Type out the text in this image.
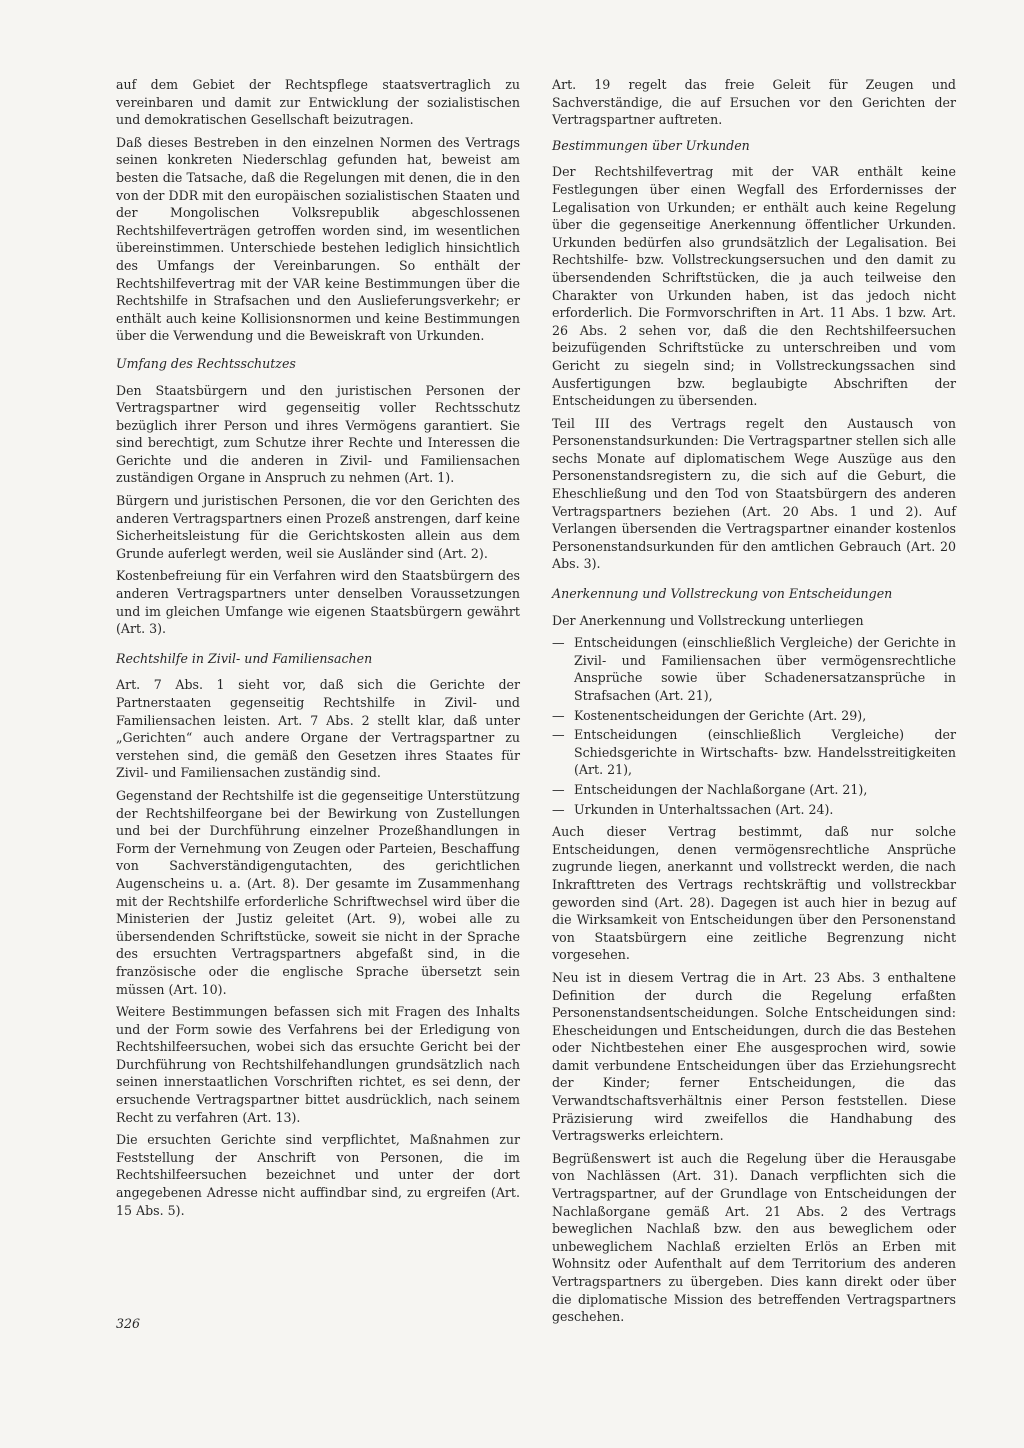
auf dem Gebiet der Rechtspflege staatsvertraglich zu vereinbaren und damit zur Entwicklung der sozialistischen und demokratischen Gesellschaft beizutragen.

Daß dieses Bestreben in den einzelnen Normen des Vertrags seinen konkreten Niederschlag gefunden hat, beweist am besten die Tatsache, daß die Regelungen mit denen, die in den von der DDR mit den europäischen sozialistischen Staaten und der Mongolischen Volksrepublik abgeschlossenen Rechtshilfeverträgen getroffen worden sind, im wesentlichen übereinstimmen. Unterschiede bestehen lediglich hinsichtlich des Umfangs der Vereinbarungen. So enthält der Rechtshilfevertrag mit der VAR keine Bestimmungen über die Rechtshilfe in Strafsachen und den Auslieferungsverkehr; er enthält auch keine Kollisionsnormen und keine Bestimmungen über die Verwendung und die Beweiskraft von Urkunden.

Umfang des Rechtsschutzes

Den Staatsbürgern und den juristischen Personen der Vertragspartner wird gegenseitig voller Rechtsschutz bezüglich ihrer Person und ihres Vermögens garantiert. Sie sind berechtigt, zum Schutze ihrer Rechte und Interessen die Gerichte und die anderen in Zivil- und Familiensachen zuständigen Organe in Anspruch zu nehmen (Art. 1).

Bürgern und juristischen Personen, die vor den Gerichten des anderen Vertragspartners einen Prozeß anstrengen, darf keine Sicherheitsleistung für die Gerichtskosten allein aus dem Grunde auferlegt werden, weil sie Ausländer sind (Art. 2).

Kostenbefreiung für ein Verfahren wird den Staatsbürgern des anderen Vertragspartners unter denselben Voraussetzungen und im gleichen Umfange wie eigenen Staatsbürgern gewährt (Art. 3).

Rechtshilfe in Zivil- und Familiensachen

Art. 7 Abs. 1 sieht vor, daß sich die Gerichte der Partnerstaaten gegenseitig Rechtshilfe in Zivil- und Familiensachen leisten. Art. 7 Abs. 2 stellt klar, daß unter „Gerichten“ auch andere Organe der Vertragspartner zu verstehen sind, die gemäß den Gesetzen ihres Staates für Zivil- und Familiensachen zuständig sind.

Gegenstand der Rechtshilfe ist die gegenseitige Unterstützung der Rechtshilfeorgane bei der Bewirkung von Zustellungen und bei der Durchführung einzelner Prozeßhandlungen in Form der Vernehmung von Zeugen oder Parteien, Beschaffung von Sachverständigengutachten, des gerichtlichen Augenscheins u. a. (Art. 8). Der gesamte im Zusammenhang mit der Rechtshilfe erforderliche Schriftwechsel wird über die Ministerien der Justiz geleitet (Art. 9), wobei alle zu übersendenden Schriftstücke, soweit sie nicht in der Sprache des ersuchten Vertragspartners abgefaßt sind, in die französische oder die englische Sprache übersetzt sein müssen (Art. 10).

Weitere Bestimmungen befassen sich mit Fragen des Inhalts und der Form sowie des Verfahrens bei der Erledigung von Rechtshilfeersuchen, wobei sich das ersuchte Gericht bei der Durchführung von Rechtshilfehandlungen grundsätzlich nach seinen innerstaatlichen Vorschriften richtet, es sei denn, der ersuchende Vertragspartner bittet ausdrücklich, nach seinem Recht zu verfahren (Art. 13).

Die ersuchten Gerichte sind verpflichtet, Maßnahmen zur Feststellung der Anschrift von Personen, die im Rechtshilfeersuchen bezeichnet und unter der dort angegebenen Adresse nicht auffindbar sind, zu ergreifen (Art. 15 Abs. 5).

Art. 19 regelt das freie Geleit für Zeugen und Sachverständige, die auf Ersuchen vor den Gerichten der Vertragspartner auftreten.

Bestimmungen über Urkunden

Der Rechtshilfevertrag mit der VAR enthält keine Festlegungen über einen Wegfall des Erfordernisses der Legalisation von Urkunden; er enthält auch keine Regelung über die gegenseitige Anerkennung öffentlicher Urkunden. Urkunden bedürfen also grundsätzlich der Legalisation. Bei Rechtshilfe- bzw. Vollstreckungsersuchen und den damit zu übersendenden Schriftstücken, die ja auch teilweise den Charakter von Urkunden haben, ist das jedoch nicht erforderlich. Die Formvorschriften in Art. 11 Abs. 1 bzw. Art. 26 Abs. 2 sehen vor, daß die den Rechtshilfeersuchen beizufügenden Schriftstücke zu unterschreiben und vom Gericht zu siegeln sind; in Vollstreckungssachen sind Ausfertigungen bzw. beglaubigte Abschriften der Entscheidungen zu übersenden.

Teil III des Vertrags regelt den Austausch von Personenstandsurkunden: Die Vertragspartner stellen sich alle sechs Monate auf diplomatischem Wege Auszüge aus den Personenstandsregistern zu, die sich auf die Geburt, die Eheschließung und den Tod von Staatsbürgern des anderen Vertragspartners beziehen (Art. 20 Abs. 1 und 2). Auf Verlangen übersenden die Vertragspartner einander kostenlos Personenstandsurkunden für den amtlichen Gebrauch (Art. 20 Abs. 3).

Anerkennung und Vollstreckung von Entscheidungen

Der Anerkennung und Vollstreckung unterliegen

— Entscheidungen (einschließlich Vergleiche) der Gerichte in Zivil- und Familiensachen über vermögensrechtliche Ansprüche sowie über Schadenersatzansprüche in Strafsachen (Art. 21),
— Kostenentscheidungen der Gerichte (Art. 29),
— Entscheidungen (einschließlich Vergleiche) der Schiedsgerichte in Wirtschafts- bzw. Handelsstreitigkeiten (Art. 21),
— Entscheidungen der Nachlaßorgane (Art. 21),
— Urkunden in Unterhaltssachen (Art. 24).

Auch dieser Vertrag bestimmt, daß nur solche Entscheidungen, denen vermögensrechtliche Ansprüche zugrunde liegen, anerkannt und vollstreckt werden, die nach Inkrafttreten des Vertrags rechtskräftig und vollstreckbar geworden sind (Art. 28). Dagegen ist auch hier in bezug auf die Wirksamkeit von Entscheidungen über den Personenstand von Staatsbürgern eine zeitliche Begrenzung nicht vorgesehen.

Neu ist in diesem Vertrag die in Art. 23 Abs. 3 enthaltene Definition der durch die Regelung erfaßten Personenstandsentscheidungen. Solche Entscheidungen sind: Ehescheidungen und Entscheidungen, durch die das Bestehen oder Nichtbestehen einer Ehe ausgesprochen wird, sowie damit verbundene Entscheidungen über das Erziehungsrecht der Kinder; ferner Entscheidungen, die das Verwandtschaftsverhältnis einer Person feststellen. Diese Präzisierung wird zweifellos die Handhabung des Vertragswerks erleichtern.

Begrüßenswert ist auch die Regelung über die Herausgabe von Nachlässen (Art. 31). Danach verpflichten sich die Vertragspartner, auf der Grundlage von Entscheidungen der Nachlaßorgane gemäß Art. 21 Abs. 2 des Vertrags beweglichen Nachlaß bzw. den aus beweglichem oder unbeweglichem Nachlaß erzielten Erlös an Erben mit Wohnsitz oder Aufenthalt auf dem Territorium des anderen Vertragspartners zu übergeben. Dies kann direkt oder über die diplomatische Mission des betreffenden Vertragspartners geschehen.

326
